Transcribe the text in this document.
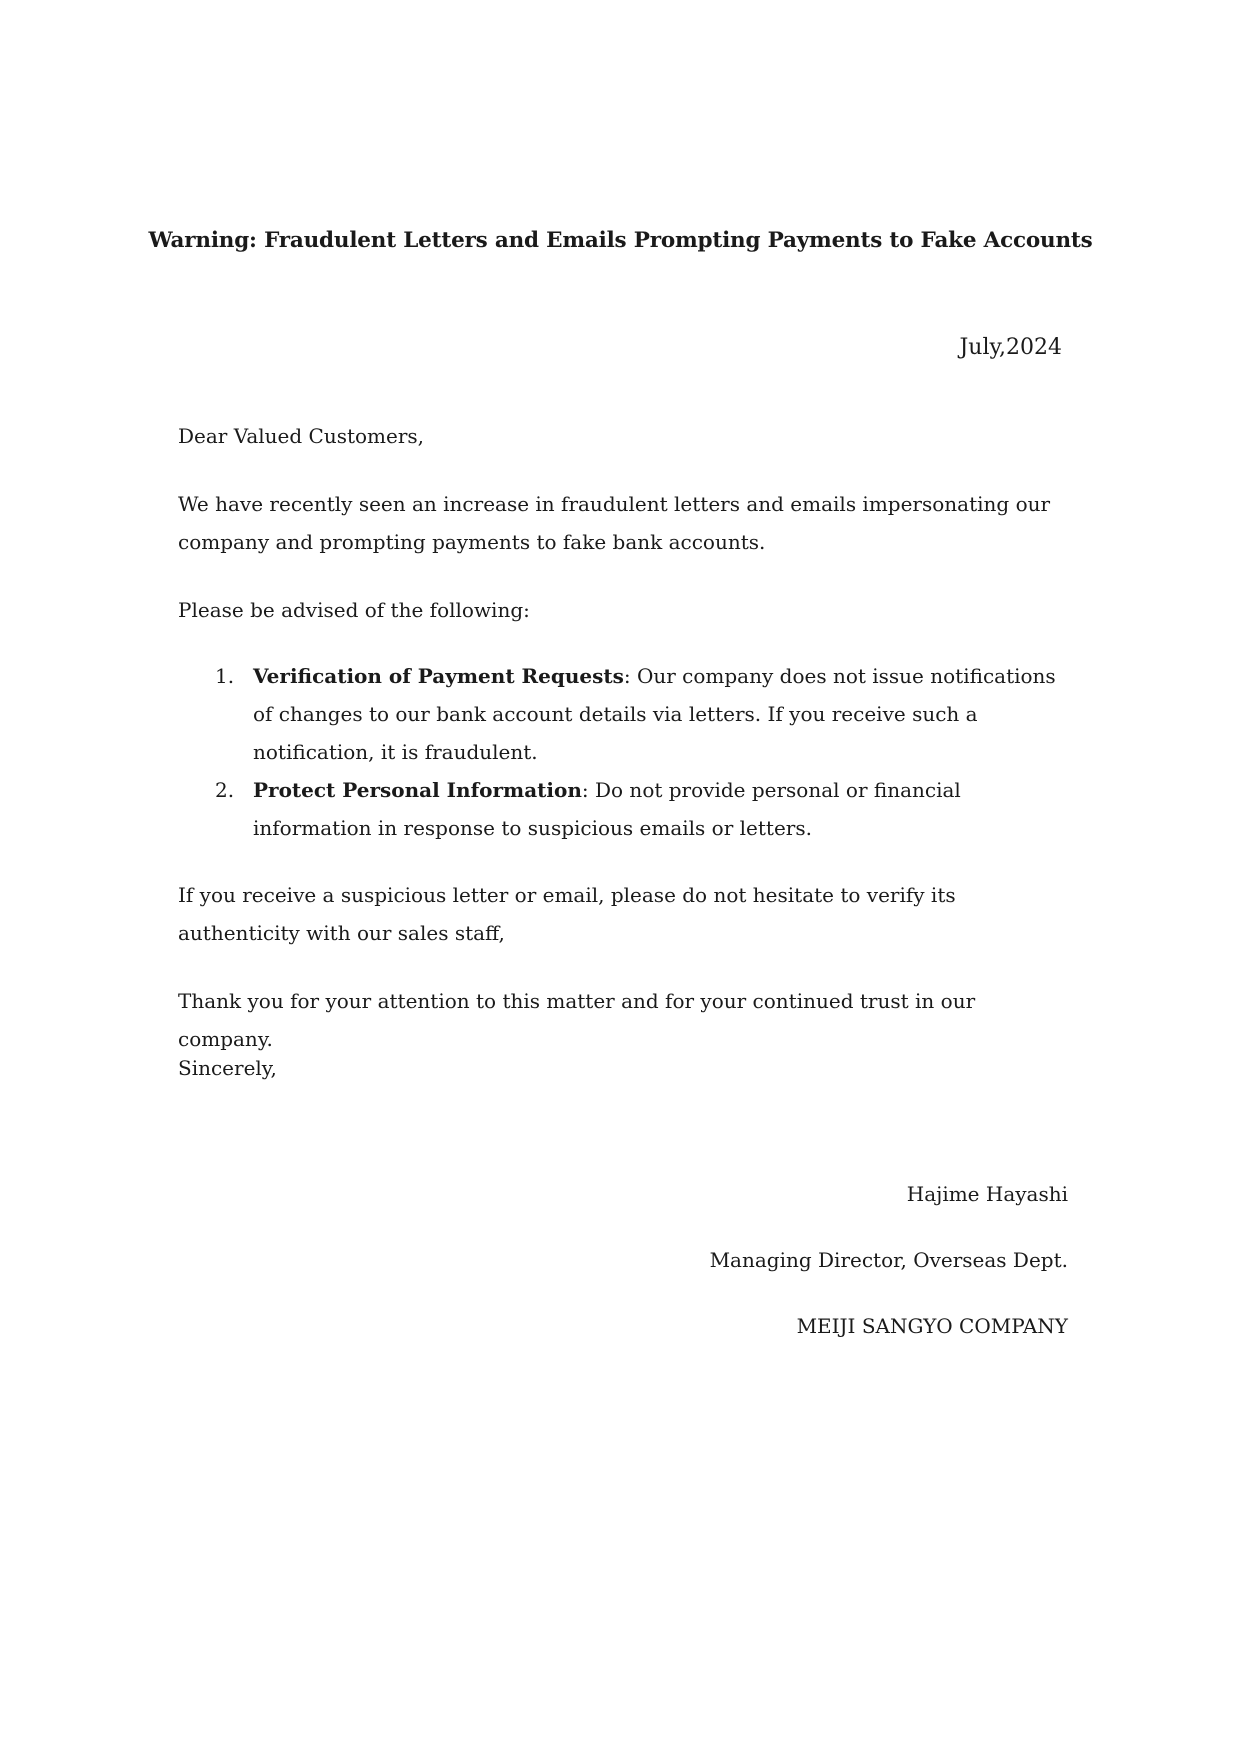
Warning: Fraudulent Letters and Emails Prompting Payments to Fake Accounts
July,2024

Dear Valued Customers,

We have recently seen an increase in fraudulent letters and emails impersonating our company and prompting payments to fake bank accounts.

Please be advised of the following:

1. Verification of Payment Requests: Our company does not issue notifications of changes to our bank account details via letters. If you receive such a notification, it is fraudulent.
2. Protect Personal Information: Do not provide personal or financial information in response to suspicious emails or letters.

If you receive a suspicious letter or email, please do not hesitate to verify its authenticity with our sales staff,

Thank you for your attention to this matter and for your continued trust in our company.

Sincerely,

Hajime Hayashi
Managing Director, Overseas Dept.
MEIJI SANGYO COMPANY
